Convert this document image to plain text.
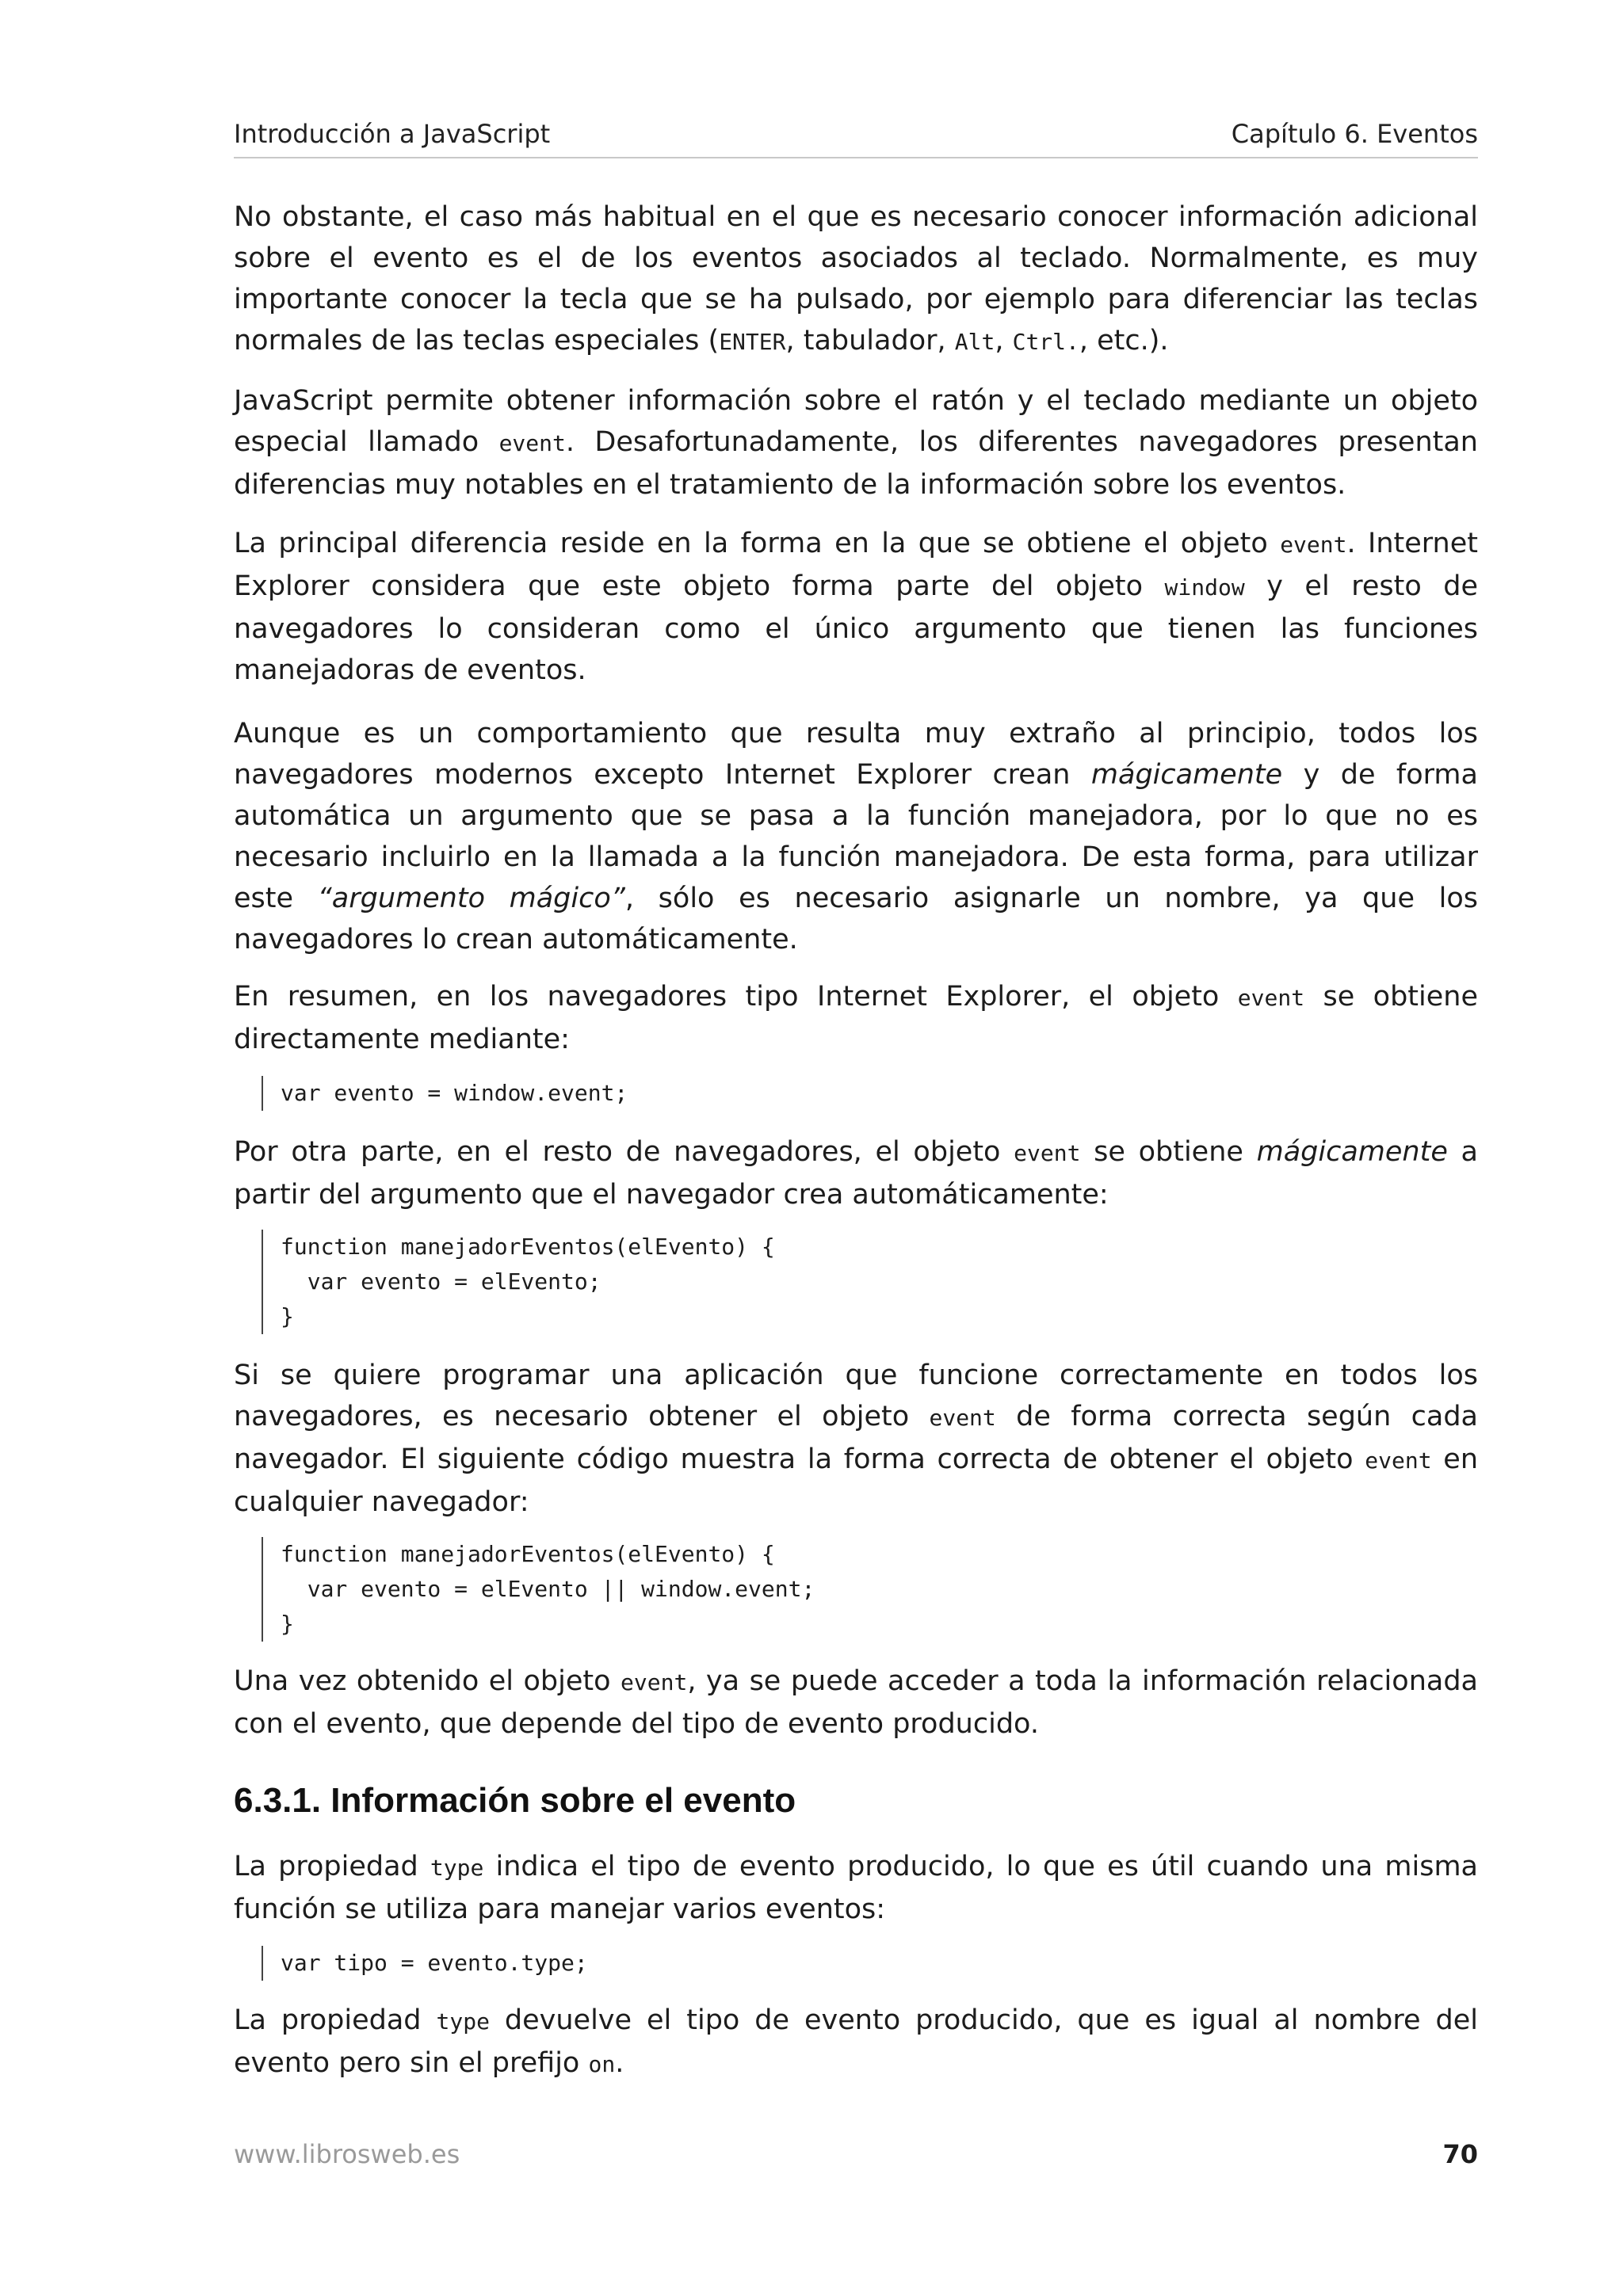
Introducción a JavaScript	Capítulo 6. Eventos

No obstante, el caso más habitual en el que es necesario conocer información adicional sobre el evento es el de los eventos asociados al teclado. Normalmente, es muy importante conocer la tecla que se ha pulsado, por ejemplo para diferenciar las teclas normales de las teclas especiales (ENTER, tabulador, Alt, Ctrl., etc.).

JavaScript permite obtener información sobre el ratón y el teclado mediante un objeto especial llamado event. Desafortunadamente, los diferentes navegadores presentan diferencias muy notables en el tratamiento de la información sobre los eventos.

La principal diferencia reside en la forma en la que se obtiene el objeto event. Internet Explorer considera que este objeto forma parte del objeto window y el resto de navegadores lo consideran como el único argumento que tienen las funciones manejadoras de eventos.

Aunque es un comportamiento que resulta muy extraño al principio, todos los navegadores modernos excepto Internet Explorer crean mágicamente y de forma automática un argumento que se pasa a la función manejadora, por lo que no es necesario incluirlo en la llamada a la función manejadora. De esta forma, para utilizar este “argumento mágico”, sólo es necesario asignarle un nombre, ya que los navegadores lo crean automáticamente.

En resumen, en los navegadores tipo Internet Explorer, el objeto event se obtiene directamente mediante:

var evento = window.event;

Por otra parte, en el resto de navegadores, el objeto event se obtiene mágicamente a partir del argumento que el navegador crea automáticamente:

function manejadorEventos(elEvento) {
var evento = elEvento;
}

Si se quiere programar una aplicación que funcione correctamente en todos los navegadores, es necesario obtener el objeto event de forma correcta según cada navegador. El siguiente código muestra la forma correcta de obtener el objeto event en cualquier navegador:

function manejadorEventos(elEvento) {
var evento = elEvento || window.event;
}

Una vez obtenido el objeto event, ya se puede acceder a toda la información relacionada con el evento, que depende del tipo de evento producido.

6.3.1. Información sobre el evento

La propiedad type indica el tipo de evento producido, lo que es útil cuando una misma función se utiliza para manejar varios eventos:

var tipo = evento.type;

La propiedad type devuelve el tipo de evento producido, que es igual al nombre del evento pero sin el prefijo on.

www.librosweb.es	70
